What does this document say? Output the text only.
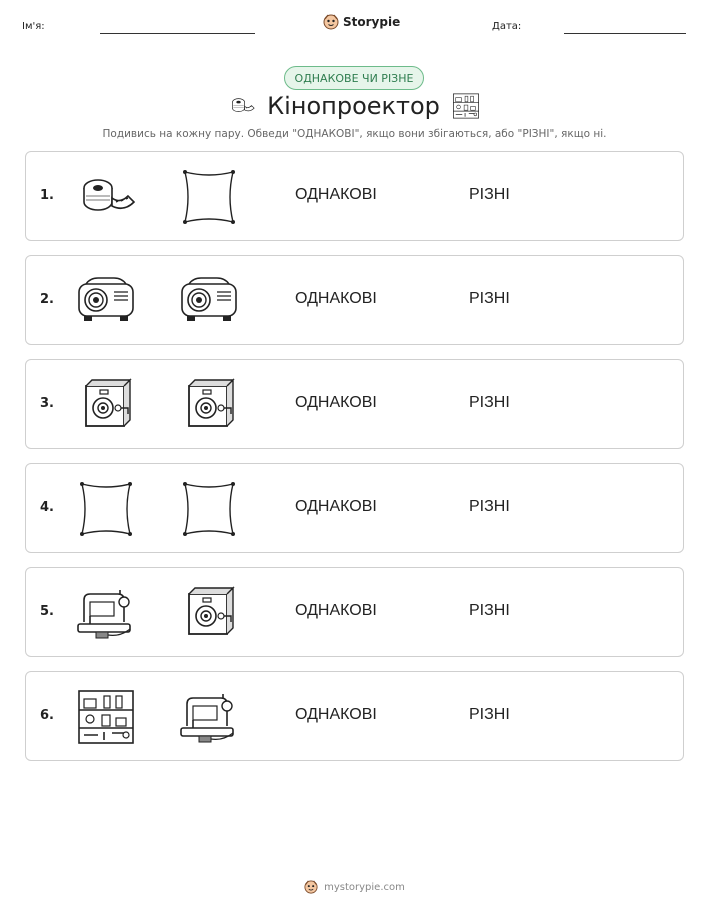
Ім'я:	Storypie	Дата:
ОДНАКОВЕ ЧИ РІЗНЕ
Кінопроектор
Подивись на кожну пару. Обведи "ОДНАКОВІ", якщо вони збігаються, або "РІЗНІ", якщо ні.
1.	ОДНАКОВІ	РІЗНІ
2.	ОДНАКОВІ	РІЗНІ
3.	ОДНАКОВІ	РІЗНІ
4.	ОДНАКОВІ	РІЗНІ
5.	ОДНАКОВІ	РІЗНІ
6.	ОДНАКОВІ	РІЗНІ
mystorypie.com
